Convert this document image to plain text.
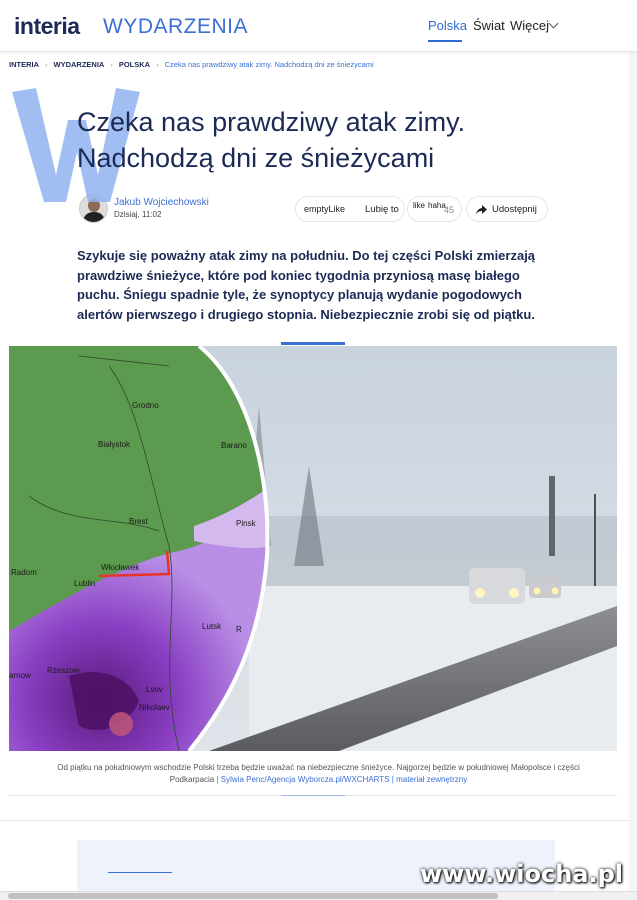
interia WYDARZENIA	Polska Świat Więcej
INTERIA › WYDARZENIA › POLSKA › Czeka nas prawdziwy atak zimy. Nadchodzą dni ze śnieżycami
Czeka nas prawdziwy atak zimy. Nadchodzą dni ze śnieżycami
Jakub Wojciechowski
Dzisiaj, 11:02
emptyLike Lubię to like haha
45	Udostępnij

Szykuje się poważny atak zimy na południu. Do tej części Polski zmierzają prawdziwe śnieżyce, które pod koniec tygodnia przyniosą masę białego puchu. Śniegu spadnie tyle, że synoptycy planują wydanie pogodowych alertów pierwszego i drugiego stopnia. Niebezpiecznie zrobi się od piątku.

Grodno
Białystok	Barano
Brest	Pinsk
Radom
Włocławek
Lublin
Lutsk
Rzeszow
Lvov
Nikolaev
arnow
R
Od piątku na południowym wschodzie Polski trzeba będzie uważać na niebezpieczne śnieżyce. Najgorzej będzie w południowej Małopolsce i części Podkarpacia | Sylwia Penc/Agencja Wyborcza.pl/WXCHARTS | materiał zewnętrzny
www.wiocha.pl
